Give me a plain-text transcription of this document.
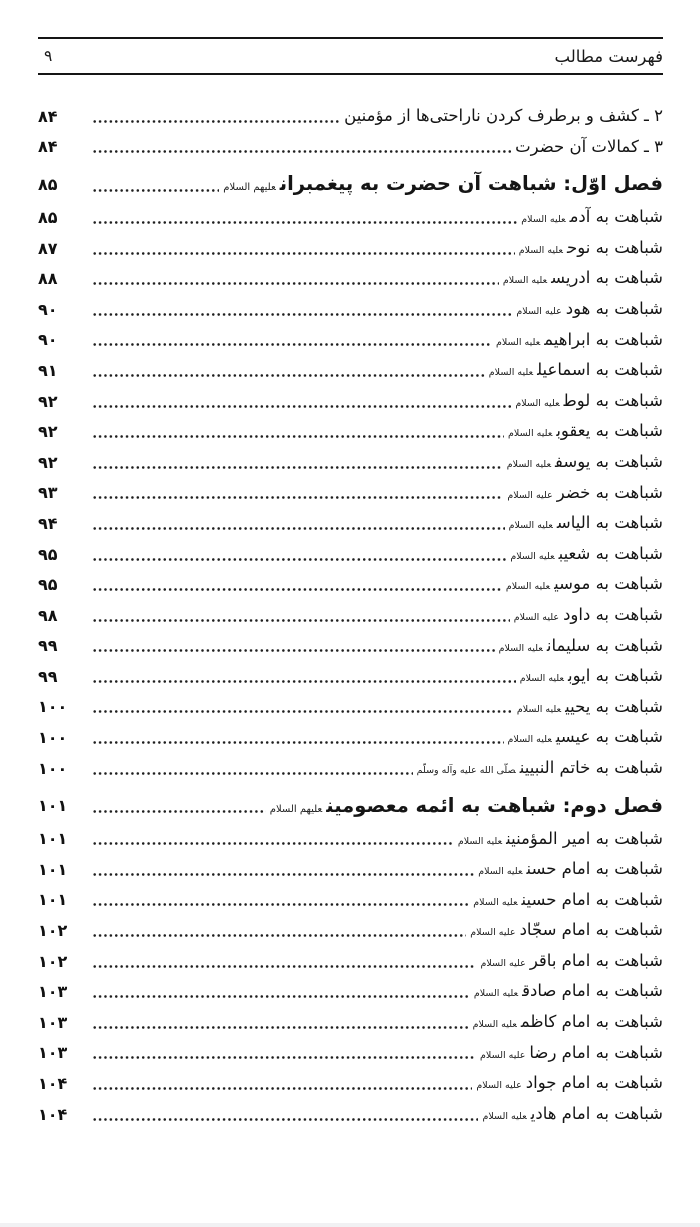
فهرست مطالب
۹
۲ ـ کشف و برطرف کردن ناراحتی‌ها از مؤمنین
۸۴
۳ ـ کمالات آن حضرت
۸۴
فصل اوّل: شباهت آن حضرت به پیغمبرانعلیهم السلام
۸۵
شباهت به آدمعلیه السلام
۸۵
شباهت به نوحعلیه السلام
۸۷
شباهت به ادریسعلیه السلام
۸۸
شباهت به هودعلیه السلام
۹۰
شباهت به ابراهیمعلیه السلام
۹۰
شباهت به اسماعیلعلیه السلام
۹۱
شباهت به لوطعلیه السلام
۹۲
شباهت به یعقوبعلیه السلام
۹۲
شباهت به یوسفعلیه السلام
۹۲
شباهت به خضرعلیه السلام
۹۳
شباهت به الیاسعلیه السلام
۹۴
شباهت به شعیبعلیه السلام
۹۵
شباهت به موسیعلیه السلام
۹۵
شباهت به داودعلیه السلام
۹۸
شباهت به سلیمانعلیه السلام
۹۹
شباهت به ایوبعلیه السلام
۹۹
شباهت به یحییعلیه السلام
۱۰۰
شباهت به عیسیعلیه السلام
۱۰۰
شباهت به خاتم النبیینصلّی الله علیه وآله وسلّم
۱۰۰
فصل دوم: شباهت به ائمه معصومینعلیهم السلام
۱۰۱
شباهت به امیر المؤمنینعلیه السلام
۱۰۱
شباهت به امام حسنعلیه السلام
۱۰۱
شباهت به امام حسینعلیه السلام
۱۰۱
شباهت به امام سجّادعلیه السلام
۱۰۲
شباهت به امام باقرعلیه السلام
۱۰۲
شباهت به امام صادقعلیه السلام
۱۰۳
شباهت به امام کاظمعلیه السلام
۱۰۳
شباهت به امام رضاعلیه السلام
۱۰۳
شباهت به امام جوادعلیه السلام
۱۰۴
شباهت به امام هادیعلیه السلام
۱۰۴
